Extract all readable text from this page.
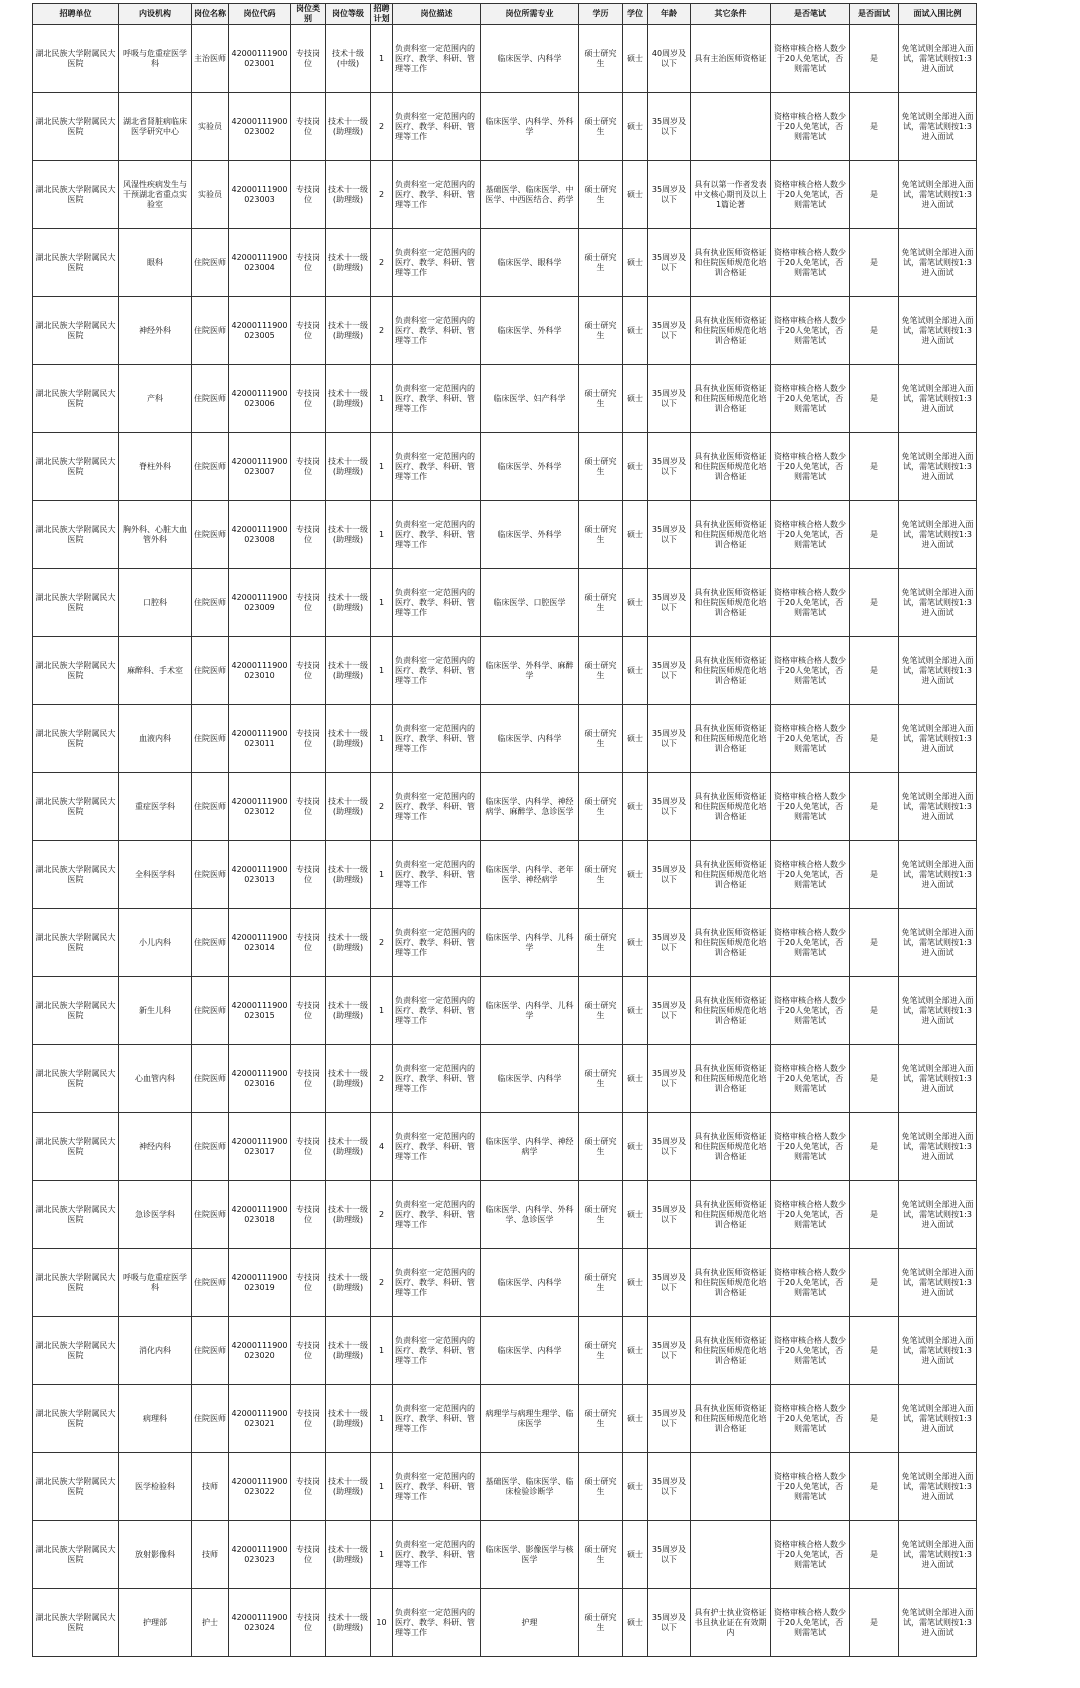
招聘单位	内设机构	岗位名称	岗位代码	岗位类别	岗位等级	招聘计划	岗位描述	岗位所需专业	学历	学位	年龄	其它条件	是否笔试	是否面试	面试入围比例
湖北民族大学附属民大医院	呼吸与危重症医学科	主治医师	42000111900023001	专技岗位	技术十级(中级)	1	负责科室一定范围内的医疗、教学、科研、管理等工作	临床医学、内科学	硕士研究生	硕士	40周岁及以下	具有主治医师资格证	资格审核合格人数少于20人免笔试，否则需笔试	是	免笔试则全部进入面试，需笔试则按1:3进入面试
湖北民族大学附属民大医院	湖北省肾脏病临床医学研究中心	实验员	42000111900023002	专技岗位	技术十一级(助理级)	2	负责科室一定范围内的医疗、教学、科研、管理等工作	临床医学、内科学、外科学	硕士研究生	硕士	35周岁及以下		资格审核合格人数少于20人免笔试，否则需笔试	是	免笔试则全部进入面试，需笔试则按1:3进入面试
湖北民族大学附属民大医院	风湿性疾病发生与干预湖北省重点实验室	实验员	42000111900023003	专技岗位	技术十一级(助理级)	2	负责科室一定范围内的医疗、教学、科研、管理等工作	基础医学、临床医学、中医学、中西医结合、药学	硕士研究生	硕士	35周岁及以下	具有以第一作者发表中文核心期刊及以上1篇论著	资格审核合格人数少于20人免笔试，否则需笔试	是	免笔试则全部进入面试，需笔试则按1:3进入面试
湖北民族大学附属民大医院	眼科	住院医师	42000111900023004	专技岗位	技术十一级(助理级)	2	负责科室一定范围内的医疗、教学、科研、管理等工作	临床医学、眼科学	硕士研究生	硕士	35周岁及以下	具有执业医师资格证和住院医师规范化培训合格证	资格审核合格人数少于20人免笔试，否则需笔试	是	免笔试则全部进入面试，需笔试则按1:3进入面试
湖北民族大学附属民大医院	神经外科	住院医师	42000111900023005	专技岗位	技术十一级(助理级)	2	负责科室一定范围内的医疗、教学、科研、管理等工作	临床医学、外科学	硕士研究生	硕士	35周岁及以下	具有执业医师资格证和住院医师规范化培训合格证	资格审核合格人数少于20人免笔试，否则需笔试	是	免笔试则全部进入面试，需笔试则按1:3进入面试
湖北民族大学附属民大医院	产科	住院医师	42000111900023006	专技岗位	技术十一级(助理级)	1	负责科室一定范围内的医疗、教学、科研、管理等工作	临床医学、妇产科学	硕士研究生	硕士	35周岁及以下	具有执业医师资格证和住院医师规范化培训合格证	资格审核合格人数少于20人免笔试，否则需笔试	是	免笔试则全部进入面试，需笔试则按1:3进入面试
湖北民族大学附属民大医院	脊柱外科	住院医师	42000111900023007	专技岗位	技术十一级(助理级)	1	负责科室一定范围内的医疗、教学、科研、管理等工作	临床医学、外科学	硕士研究生	硕士	35周岁及以下	具有执业医师资格证和住院医师规范化培训合格证	资格审核合格人数少于20人免笔试，否则需笔试	是	免笔试则全部进入面试，需笔试则按1:3进入面试
湖北民族大学附属民大医院	胸外科、心脏大血管外科	住院医师	42000111900023008	专技岗位	技术十一级(助理级)	1	负责科室一定范围内的医疗、教学、科研、管理等工作	临床医学、外科学	硕士研究生	硕士	35周岁及以下	具有执业医师资格证和住院医师规范化培训合格证	资格审核合格人数少于20人免笔试，否则需笔试	是	免笔试则全部进入面试，需笔试则按1:3进入面试
湖北民族大学附属民大医院	口腔科	住院医师	42000111900023009	专技岗位	技术十一级(助理级)	1	负责科室一定范围内的医疗、教学、科研、管理等工作	临床医学、口腔医学	硕士研究生	硕士	35周岁及以下	具有执业医师资格证和住院医师规范化培训合格证	资格审核合格人数少于20人免笔试，否则需笔试	是	免笔试则全部进入面试，需笔试则按1:3进入面试
湖北民族大学附属民大医院	麻醉科、手术室	住院医师	42000111900023010	专技岗位	技术十一级(助理级)	1	负责科室一定范围内的医疗、教学、科研、管理等工作	临床医学、外科学、麻醉学	硕士研究生	硕士	35周岁及以下	具有执业医师资格证和住院医师规范化培训合格证	资格审核合格人数少于20人免笔试，否则需笔试	是	免笔试则全部进入面试，需笔试则按1:3进入面试
湖北民族大学附属民大医院	血液内科	住院医师	42000111900023011	专技岗位	技术十一级(助理级)	1	负责科室一定范围内的医疗、教学、科研、管理等工作	临床医学、内科学	硕士研究生	硕士	35周岁及以下	具有执业医师资格证和住院医师规范化培训合格证	资格审核合格人数少于20人免笔试，否则需笔试	是	免笔试则全部进入面试，需笔试则按1:3进入面试
湖北民族大学附属民大医院	重症医学科	住院医师	42000111900023012	专技岗位	技术十一级(助理级)	2	负责科室一定范围内的医疗、教学、科研、管理等工作	临床医学、内科学、神经病学、麻醉学、急诊医学	硕士研究生	硕士	35周岁及以下	具有执业医师资格证和住院医师规范化培训合格证	资格审核合格人数少于20人免笔试，否则需笔试	是	免笔试则全部进入面试，需笔试则按1:3进入面试
湖北民族大学附属民大医院	全科医学科	住院医师	42000111900023013	专技岗位	技术十一级(助理级)	1	负责科室一定范围内的医疗、教学、科研、管理等工作	临床医学、内科学、老年医学、神经病学	硕士研究生	硕士	35周岁及以下	具有执业医师资格证和住院医师规范化培训合格证	资格审核合格人数少于20人免笔试，否则需笔试	是	免笔试则全部进入面试，需笔试则按1:3进入面试
湖北民族大学附属民大医院	小儿内科	住院医师	42000111900023014	专技岗位	技术十一级(助理级)	2	负责科室一定范围内的医疗、教学、科研、管理等工作	临床医学、内科学、儿科学	硕士研究生	硕士	35周岁及以下	具有执业医师资格证和住院医师规范化培训合格证	资格审核合格人数少于20人免笔试，否则需笔试	是	免笔试则全部进入面试，需笔试则按1:3进入面试
湖北民族大学附属民大医院	新生儿科	住院医师	42000111900023015	专技岗位	技术十一级(助理级)	1	负责科室一定范围内的医疗、教学、科研、管理等工作	临床医学、内科学、儿科学	硕士研究生	硕士	35周岁及以下	具有执业医师资格证和住院医师规范化培训合格证	资格审核合格人数少于20人免笔试，否则需笔试	是	免笔试则全部进入面试，需笔试则按1:3进入面试
湖北民族大学附属民大医院	心血管内科	住院医师	42000111900023016	专技岗位	技术十一级(助理级)	2	负责科室一定范围内的医疗、教学、科研、管理等工作	临床医学、内科学	硕士研究生	硕士	35周岁及以下	具有执业医师资格证和住院医师规范化培训合格证	资格审核合格人数少于20人免笔试，否则需笔试	是	免笔试则全部进入面试，需笔试则按1:3进入面试
湖北民族大学附属民大医院	神经内科	住院医师	42000111900023017	专技岗位	技术十一级(助理级)	4	负责科室一定范围内的医疗、教学、科研、管理等工作	临床医学、内科学、神经病学	硕士研究生	硕士	35周岁及以下	具有执业医师资格证和住院医师规范化培训合格证	资格审核合格人数少于20人免笔试，否则需笔试	是	免笔试则全部进入面试，需笔试则按1:3进入面试
湖北民族大学附属民大医院	急诊医学科	住院医师	42000111900023018	专技岗位	技术十一级(助理级)	2	负责科室一定范围内的医疗、教学、科研、管理等工作	临床医学、内科学、外科学、急诊医学	硕士研究生	硕士	35周岁及以下	具有执业医师资格证和住院医师规范化培训合格证	资格审核合格人数少于20人免笔试，否则需笔试	是	免笔试则全部进入面试，需笔试则按1:3进入面试
湖北民族大学附属民大医院	呼吸与危重症医学科	住院医师	42000111900023019	专技岗位	技术十一级(助理级)	2	负责科室一定范围内的医疗、教学、科研、管理等工作	临床医学、内科学	硕士研究生	硕士	35周岁及以下	具有执业医师资格证和住院医师规范化培训合格证	资格审核合格人数少于20人免笔试，否则需笔试	是	免笔试则全部进入面试，需笔试则按1:3进入面试
湖北民族大学附属民大医院	消化内科	住院医师	42000111900023020	专技岗位	技术十一级(助理级)	1	负责科室一定范围内的医疗、教学、科研、管理等工作	临床医学、内科学	硕士研究生	硕士	35周岁及以下	具有执业医师资格证和住院医师规范化培训合格证	资格审核合格人数少于20人免笔试，否则需笔试	是	免笔试则全部进入面试，需笔试则按1:3进入面试
湖北民族大学附属民大医院	病理科	住院医师	42000111900023021	专技岗位	技术十一级(助理级)	1	负责科室一定范围内的医疗、教学、科研、管理等工作	病理学与病理生理学、临床医学	硕士研究生	硕士	35周岁及以下	具有执业医师资格证和住院医师规范化培训合格证	资格审核合格人数少于20人免笔试，否则需笔试	是	免笔试则全部进入面试，需笔试则按1:3进入面试
湖北民族大学附属民大医院	医学检验科	技师	42000111900023022	专技岗位	技术十一级(助理级)	1	负责科室一定范围内的医疗、教学、科研、管理等工作	基础医学、临床医学、临床检验诊断学	硕士研究生	硕士	35周岁及以下		资格审核合格人数少于20人免笔试，否则需笔试	是	免笔试则全部进入面试，需笔试则按1:3进入面试
湖北民族大学附属民大医院	放射影像科	技师	42000111900023023	专技岗位	技术十一级(助理级)	1	负责科室一定范围内的医疗、教学、科研、管理等工作	临床医学、影像医学与核医学	硕士研究生	硕士	35周岁及以下		资格审核合格人数少于20人免笔试，否则需笔试	是	免笔试则全部进入面试，需笔试则按1:3进入面试
湖北民族大学附属民大医院	护理部	护士	42000111900023024	专技岗位	技术十一级(助理级)	10	负责科室一定范围内的医疗、教学、科研、管理等工作	护理	硕士研究生	硕士	35周岁及以下	具有护士执业资格证书且执业证在有效期内	资格审核合格人数少于20人免笔试，否则需笔试	是	免笔试则全部进入面试，需笔试则按1:3进入面试
